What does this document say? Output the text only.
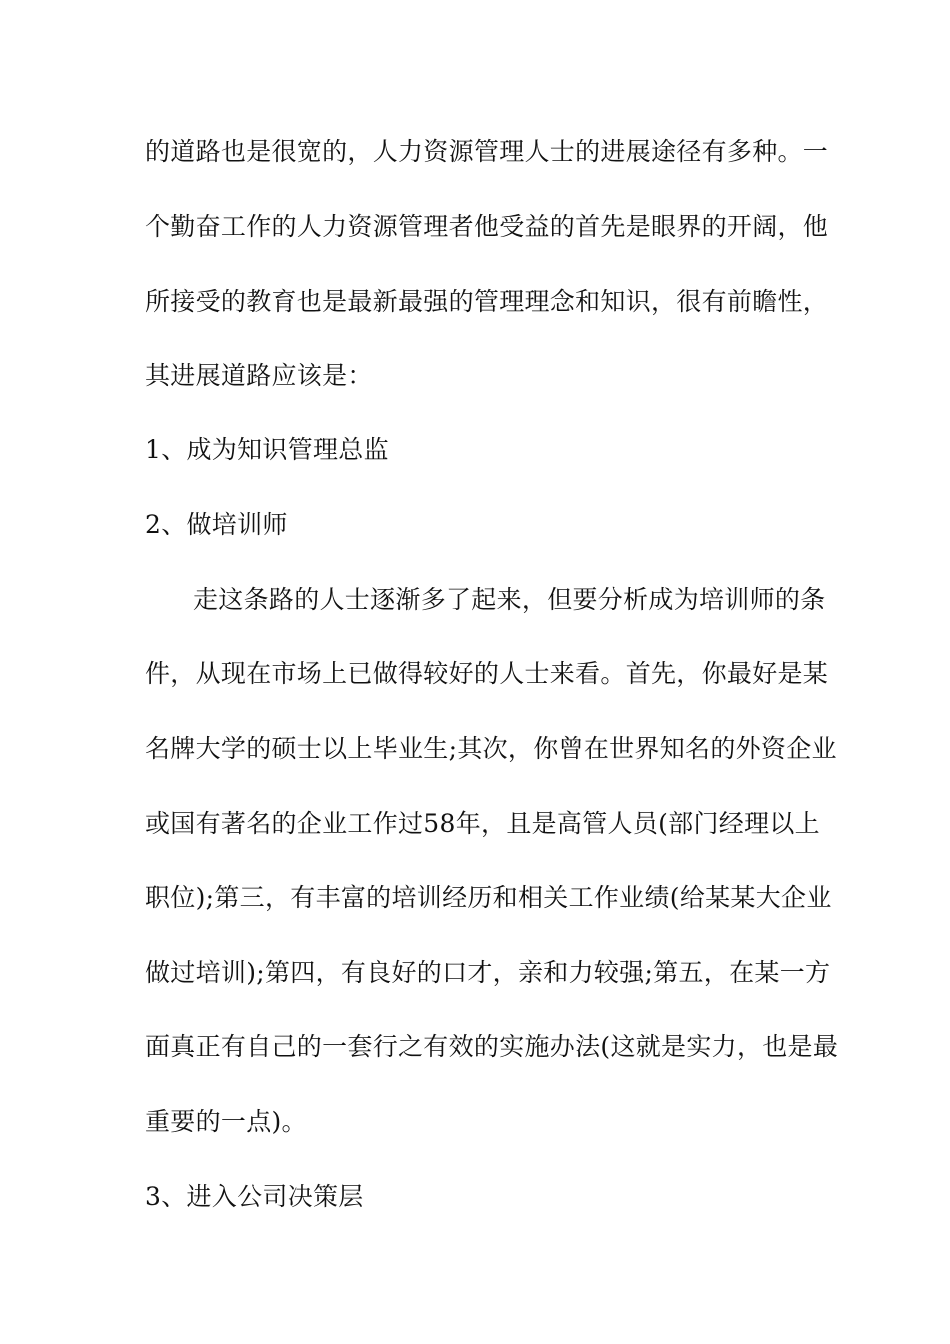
的道路也是很宽的，人力资源管理人士的进展途径有多种。一
个勤奋工作的人力资源管理者他受益的首先是眼界的开阔，他
所接受的教育也是最新最强的管理理念和知识，很有前瞻性，
其进展道路应该是：
1、成为知识管理总监
2、做培训师
走这条路的人士逐渐多了起来，但要分析成为培训师的条
件，从现在市场上已做得较好的人士来看。首先，你最好是某
名牌大学的硕士以上毕业生;其次，你曾在世界知名的外资企业
或国有著名的企业工作过58年，且是高管人员(部门经理以上
职位);第三，有丰富的培训经历和相关工作业绩(给某某大企业
做过培训);第四，有良好的口才，亲和力较强;第五，在某一方
面真正有自己的一套行之有效的实施办法(这就是实力，也是最
重要的一点)。
3、进入公司决策层
